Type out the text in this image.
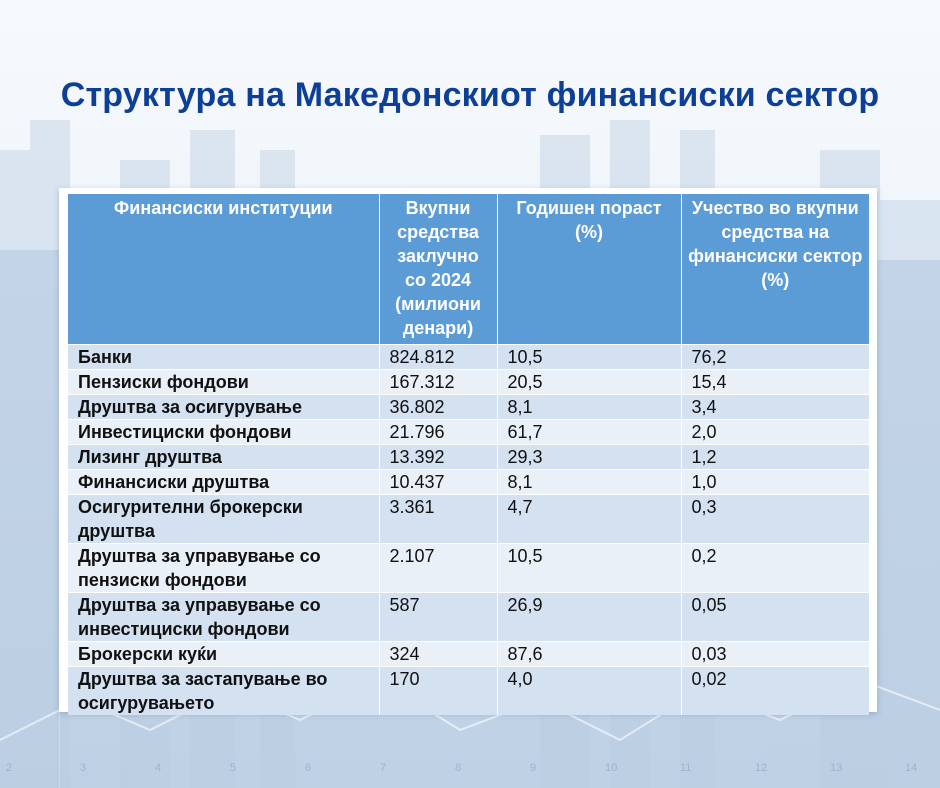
Структура на Македонскиот финансиски сектор
Финансиски институции	Вкупни средства заклучно со 2024 (милиони денари)	Годишен пораст (%)	Учество во вкупни средства на финансиски сектор (%)
Банки	824.812	10,5	76,2
Пензиски фондови	167.312	20,5	15,4
Друштва за осигурување	36.802	8,1	3,4
Инвестициски фондови	21.796	61,7	2,0
Лизинг друштва	13.392	29,3	1,2
Финансиски друштва	10.437	8,1	1,0
Осигурителни брокерски друштва	3.361	4,7	0,3
Друштва за управување со пензиски фондови	2.107	10,5	0,2
Друштва за управување со инвестициски фондови	587	26,9	0,05
Брокерски куќи	324	87,6	0,03
Друштва за застапување во осигурувањето	170	4,0	0,02
2	3	4	5	6	7	8	9	10	11	12	13	14
